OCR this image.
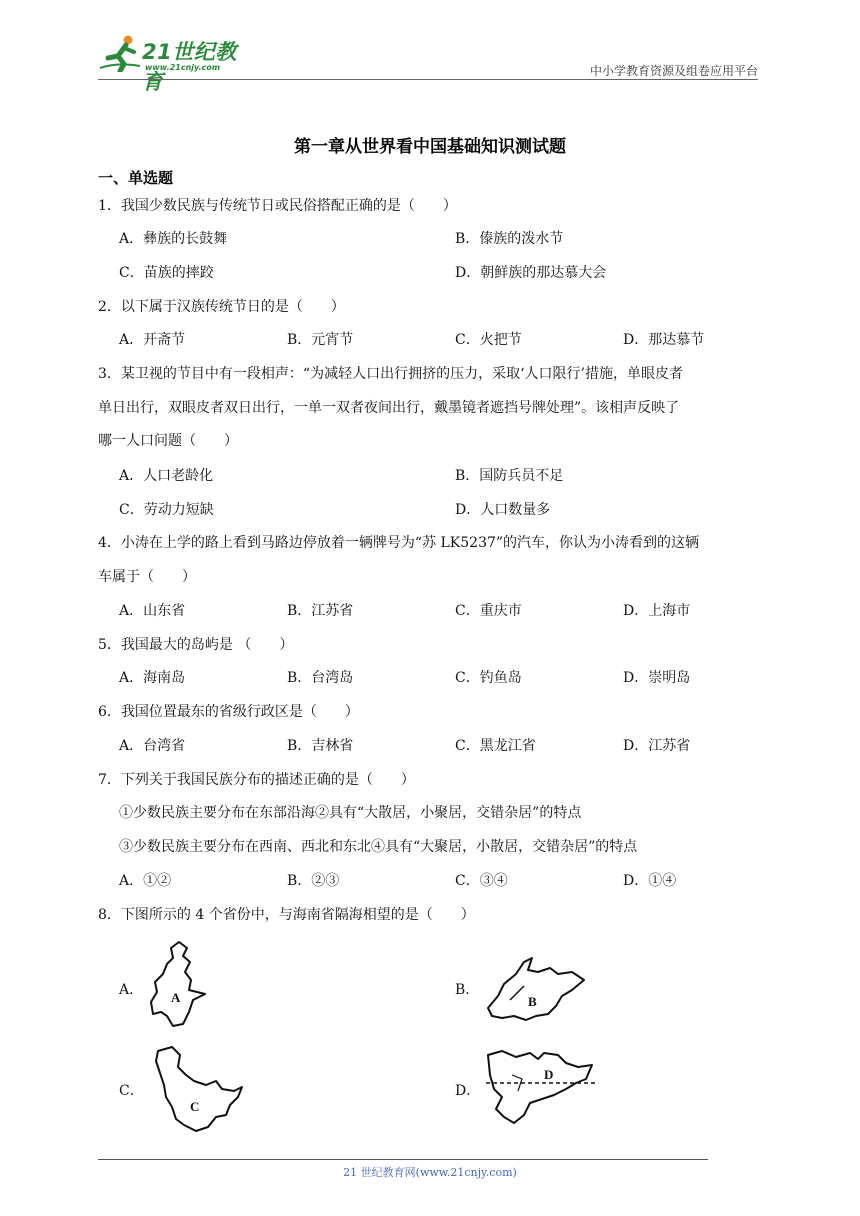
21世纪教育
www.21cnjy.com	中小学教育资源及组卷应用平台
第一章从世界看中国基础知识测试题
一、单选题
1．我国少数民族与传统节日或民俗搭配正确的是（　　）
A．彝族的长鼓舞	B．傣族的泼水节
C．苗族的摔跤	D．朝鲜族的那达慕大会
2．以下属于汉族传统节日的是（　　）
A．开斋节	B．元宵节	C．火把节	D．那达慕节
3．某卫视的节目中有一段相声：“为减轻人口出行拥挤的压力，采取‘人口限行’措施，单眼皮者
单日出行，双眼皮者双日出行，一单一双者夜间出行，戴墨镜者遮挡号牌处理”。该相声反映了
哪一人口问题（　　）
A．人口老龄化	B．国防兵员不足
C．劳动力短缺	D．人口数量多
4．小涛在上学的路上看到马路边停放着一辆牌号为“苏 LK5237”的汽车，你认为小涛看到的这辆
车属于（　　）
A．山东省	B．江苏省	C．重庆市	D．上海市
5．我国最大的岛屿是 （　　）
A．海南岛	B．台湾岛	C．钓鱼岛	D．崇明岛
6．我国位置最东的省级行政区是（　　）
A．台湾省	B．吉林省	C．黑龙江省	D．江苏省
7．下列关于我国民族分布的描述正确的是（　　）
①少数民族主要分布在东部沿海②具有“大散居，小聚居，交错杂居”的特点
③少数民族主要分布在西南、西北和东北④具有“大聚居，小散居，交错杂居”的特点
A．①②	B．②③	C．③④	D．①④
8．下图所示的 4 个省份中，与海南省隔海相望的是（　　）
A．	B．
C．	D．
A	B
C
D
21 世纪教育网(www.21cnjy.com)
